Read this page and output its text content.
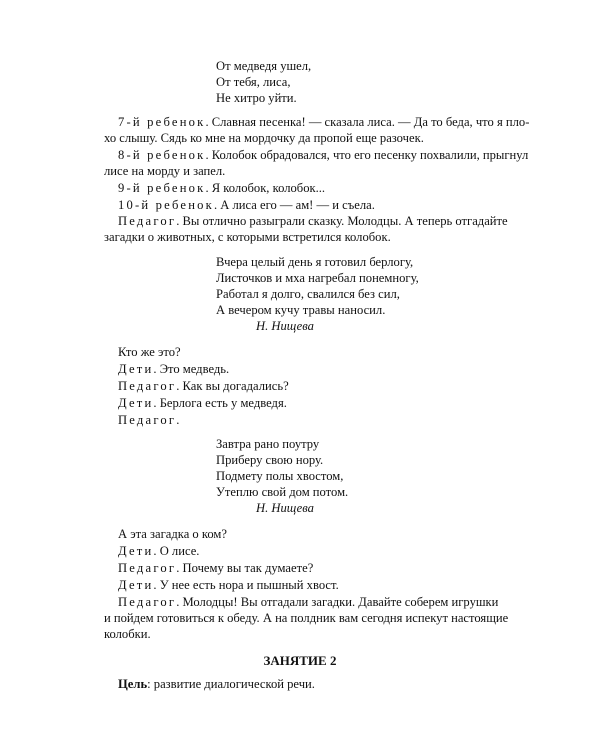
От медведя ушел,
От тебя, лиса,
Не хитро уйти.
7-й ребенок. Славная песенка! — сказала лиса. — Да то беда, что я пло-
хо слышу. Сядь ко мне на мордочку да пропой еще разочек.
8-й ребенок. Колобок обрадовался, что его песенку похвалили, прыгнул
лисе на морду и запел.
9-й ребенок. Я колобок, колобок...
10-й ребенок. А лиса его — ам! — и съела.
Педагог. Вы отлично разыграли сказку. Молодцы. А теперь отгадайте
загадки о животных, с которыми встретился колобок.
Вчера целый день я готовил берлогу,
Листочков и мха нагребал понемногу,
Работал я долго, свалился без сил,
А вечером кучу травы наносил.
Н. Нищева
Кто же это?
Дети. Это медведь.
Педагог. Как вы догадались?
Дети. Берлога есть у медведя.
Педагог.
Завтра рано поутру
Приберу свою нору.
Подмету полы хвостом,
Утеплю свой дом потом.
Н. Нищева
А эта загадка о ком?
Дети. О лисе.
Педагог. Почему вы так думаете?
Дети. У нее есть нора и пышный хвост.
Педагог. Молодцы! Вы отгадали загадки. Давайте соберем игрушки
и пойдем готовиться к обеду. А на полдник вам сегодня испекут настоящие
колобки.
ЗАНЯТИЕ 2
Цель: развитие диалогической речи.
